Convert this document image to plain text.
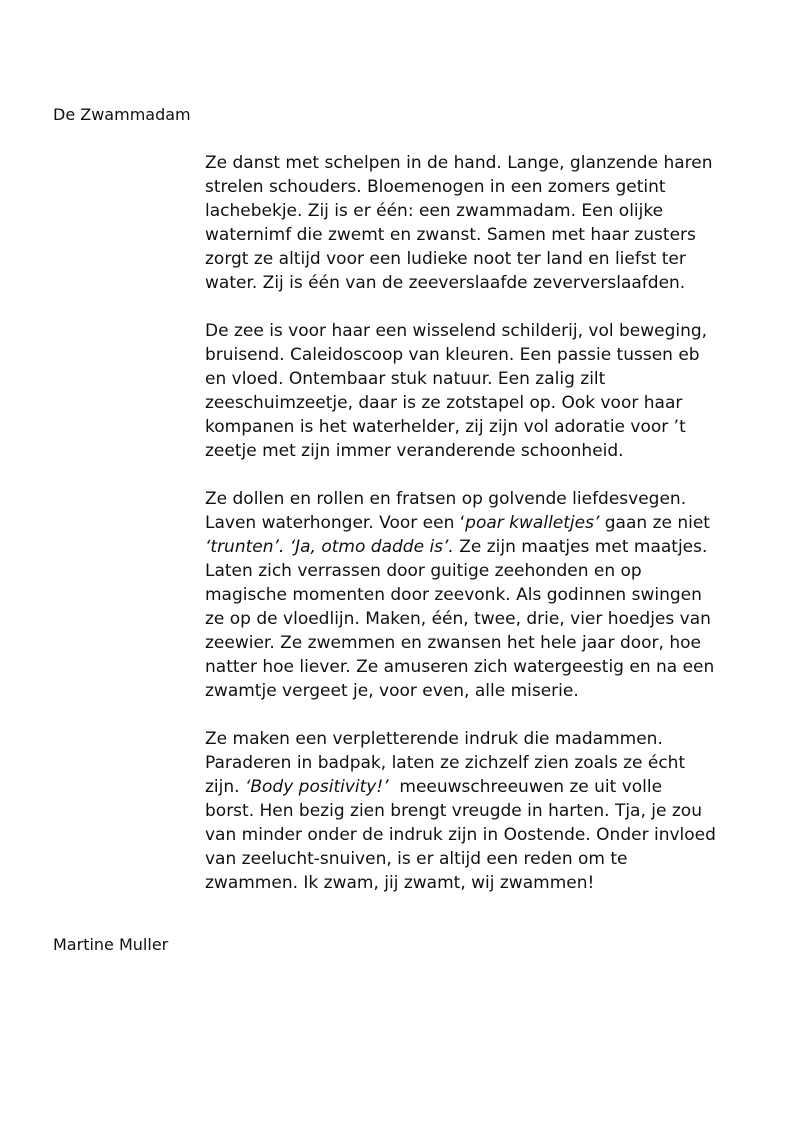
De Zwammadam

Ze danst met schelpen in de hand. Lange, glanzende haren
strelen schouders. Bloemenogen in een zomers getint
lachebekje. Zij is er één: een zwammadam. Een olijke
waternimf die zwemt en zwanst. Samen met haar zusters
zorgt ze altijd voor een ludieke noot ter land en liefst ter
water. Zij is één van de zeeverslaafde zeververslaafden.

De zee is voor haar een wisselend schilderij, vol beweging,
bruisend. Caleidoscoop van kleuren. Een passie tussen eb
en vloed. Ontembaar stuk natuur. Een zalig zilt
zeeschuimzeetje, daar is ze zotstapel op. Ook voor haar
kompanen is het waterhelder, zij zijn vol adoratie voor ’t
zeetje met zijn immer veranderende schoonheid.

Ze dollen en rollen en fratsen op golvende liefdesvegen.
Laven waterhonger. Voor een ‘poar kwalletjes’ gaan ze niet
‘trunten’. ‘Ja, otmo dadde is’. Ze zijn maatjes met maatjes.
Laten zich verrassen door guitige zeehonden en op
magische momenten door zeevonk. Als godinnen swingen
ze op de vloedlijn. Maken, één, twee, drie, vier hoedjes van
zeewier. Ze zwemmen en zwansen het hele jaar door, hoe
natter hoe liever. Ze amuseren zich watergeestig en na een
zwamtje vergeet je, voor even, alle miserie.

Ze maken een verpletterende indruk die madammen.
Paraderen in badpak, laten ze zichzelf zien zoals ze écht
zijn. ‘Body positivity!’  meeuwschreeuwen ze uit volle
borst. Hen bezig zien brengt vreugde in harten. Tja, je zou
van minder onder de indruk zijn in Oostende. Onder invloed
van zeelucht-snuiven, is er altijd een reden om te
zwammen. Ik zwam, jij zwamt, wij zwammen!

Martine Muller
